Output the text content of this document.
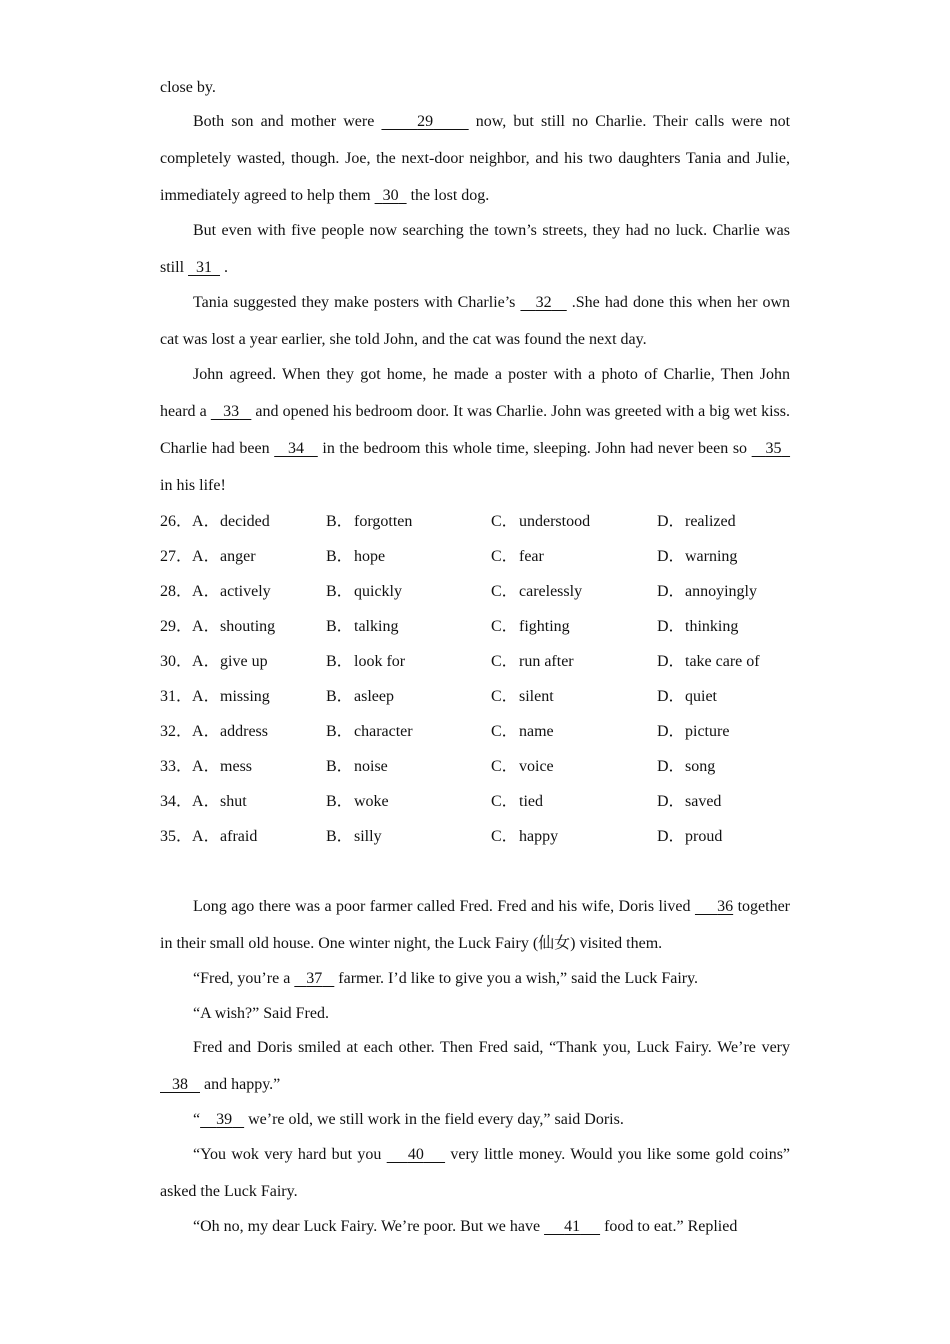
close by.

Both son and mother were      29      now, but still no Charlie. Their calls were not completely wasted, though. Joe, the next-door neighbor, and his two daughters Tania and Julie, immediately agreed to help them   30   the lost dog.

But even with five people now searching the town’s streets, they had no luck. Charlie was still   31   .

Tania suggested they make posters with Charlie’s    32    .She had done this when her own cat was lost a year earlier, she told John, and the cat was found the next day.

John agreed. When they got home, he made a poster with a photo of Charlie, Then John heard a    33    and opened his bedroom door. It was Charlie. John was greeted with a big wet kiss. Charlie had been    34    in the bedroom this whole time, sleeping. John had never been so    35   in his life!

26．A．decided	B．forgotten	C．understood	D．realized
27．A．anger	B．hope	C．fear	D．warning
28．A．actively	B．quickly	C．carelessly	D．annoyingly
29．A．shouting	B．talking	C．fighting	D．thinking
30．A．give up	B．look for	C．run after	D．take care of
31．A．missing	B．asleep	C．silent	D．quiet
32．A．address	B．character	C．name	D．picture
33．A．mess	B．noise	C．voice	D．song
34．A．shut	B．woke	C．tied	D．saved
35．A．afraid	B．silly	C．happy	D．proud

Long ago there was a poor farmer called Fred. Fred and his wife, Doris lived      36 together in their small old house. One winter night, the Luck Fairy (仙女) visited them.

“Fred, you’re a    37    farmer. I’d like to give you a wish,” said the Luck Fairy.
“A wish?” Said Fred.

Fred and Doris smiled at each other. Then Fred said, “Thank you, Luck Fairy. We’re very    38    and happy.”

“ 39    we’re old, we still work in the field every day,” said Doris.

“You wok very hard but you     40     very little money. Would you like some gold coins” asked the Luck Fairy.

“Oh no, my dear Luck Fairy. We’re poor. But we have      41      food to eat.” Replied
